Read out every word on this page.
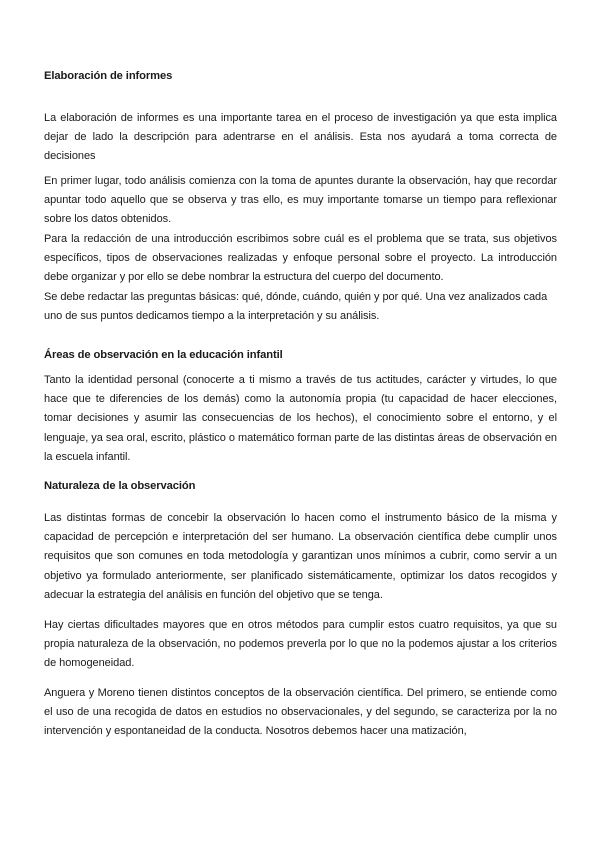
Elaboración de informes

La elaboración de informes es una importante tarea en el proceso de investigación ya que esta implica dejar de lado la descripción para adentrarse en el análisis. Esta nos ayudará a toma correcta de decisiones

En primer lugar, todo análisis comienza con la toma de apuntes durante la observación, hay que recordar apuntar todo aquello que se observa y tras ello, es muy importante tomarse un tiempo para reflexionar sobre los datos obtenidos.

Para la redacción de una introducción escribimos sobre cuál es el problema que se trata, sus objetivos específicos, tipos de observaciones realizadas y enfoque personal sobre el proyecto. La introducción debe organizar y por ello se debe nombrar la estructura del cuerpo del documento.

Se debe redactar las preguntas básicas: qué, dónde, cuándo, quién y por qué. Una vez analizados cada uno de sus puntos dedicamos tiempo a la interpretación y su análisis.

Áreas de observación en la educación infantil

Tanto la identidad personal (conocerte a ti mismo a través de tus actitudes, carácter y virtudes, lo que hace que te diferencies de los demás) como la autonomía propia (tu capacidad de hacer elecciones, tomar decisiones y asumir las consecuencias de los hechos), el conocimiento sobre el entorno, y el lenguaje, ya sea oral, escrito, plástico o matemático forman parte de las distintas áreas de observación en la escuela infantil.

Naturaleza de la observación

Las distintas formas de concebir la observación lo hacen como el instrumento básico de la misma y capacidad de percepción e interpretación del ser humano. La observación científica debe cumplir unos requisitos que son comunes en toda metodología y garantizan unos mínimos a cubrir, como servir a un objetivo ya formulado anteriormente, ser planificado sistemáticamente, optimizar los datos recogidos y adecuar la estrategia del análisis en función del objetivo que se tenga.

Hay ciertas dificultades mayores que en otros métodos para cumplir estos cuatro requisitos, ya que su propia naturaleza de la observación, no podemos preverla por lo que no la podemos ajustar a los criterios de homogeneidad.

Anguera y Moreno tienen distintos conceptos de la observación científica. Del primero, se entiende como el uso de una recogida de datos en estudios no observacionales, y del segundo, se caracteriza por la no intervención y espontaneidad de la conducta. Nosotros debemos hacer una matización,
